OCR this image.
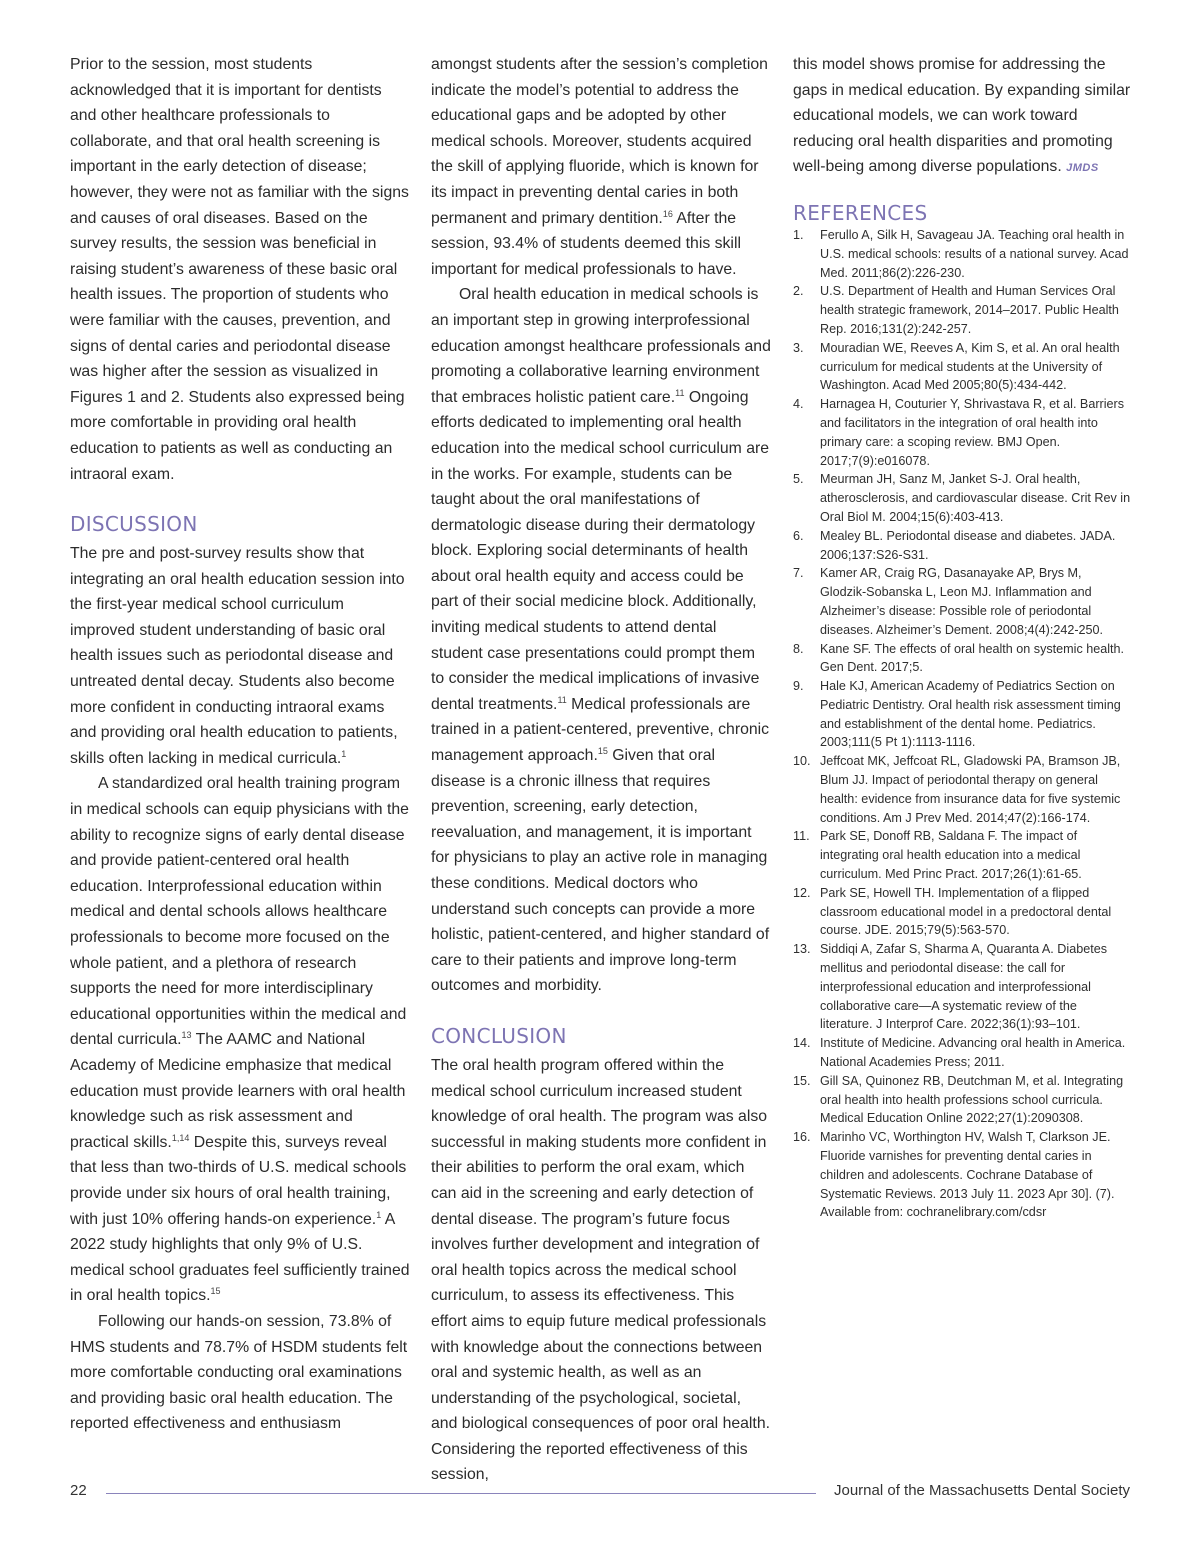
Prior to the session, most students acknowledged that it is important for dentists and other healthcare professionals to collaborate, and that oral health screening is important in the early detection of disease; however, they were not as familiar with the signs and causes of oral diseases. Based on the survey results, the session was beneficial in raising student’s awareness of these basic oral health issues. The proportion of students who were familiar with the causes, prevention, and signs of dental caries and periodontal disease was higher after the session as visualized in Figures 1 and 2. Students also expressed being more comfortable in providing oral health education to patients as well as conducting an intraoral exam.

DISCUSSION

The pre and post-survey results show that integrating an oral health education session into the first-year medical school curriculum improved student understanding of basic oral health issues such as periodontal disease and untreated dental decay. Students also become more confident in conducting intraoral exams and providing oral health education to patients, skills often lacking in medical curricula.$^1$

A standardized oral health training program in medical schools can equip physicians with the ability to recognize signs of early dental disease and provide patient-centered oral health education. Interprofessional education within medical and dental schools allows healthcare professionals to become more focused on the whole patient, and a plethora of research supports the need for more interdisciplinary educational opportunities within the medical and dental curricula.$^{13}$ The AAMC and National Academy of Medicine emphasize that medical education must provide learners with oral health knowledge such as risk assessment and practical skills.$^{1,14}$ Despite this, surveys reveal that less than two-thirds of U.S. medical schools provide under six hours of oral health training, with just 10% offering hands-on experience.$^1$ A 2022 study highlights that only 9% of U.S. medical school graduates feel sufficiently trained in oral health topics.$^{15}$

Following our hands-on session, 73.8% of HMS students and 78.7% of HSDM students felt more comfortable conducting oral examinations and providing basic oral health education. The reported effectiveness and enthusiasm

amongst students after the session’s completion indicate the model’s potential to address the educational gaps and be adopted by other medical schools. Moreover, students acquired the skill of applying fluoride, which is known for its impact in preventing dental caries in both permanent and primary dentition.$^{16}$ After the session, 93.4% of students deemed this skill important for medical professionals to have.

Oral health education in medical schools is an important step in growing interprofessional education amongst healthcare professionals and promoting a collaborative learning environment that embraces holistic patient care.$^{11}$ Ongoing efforts dedicated to implementing oral health education into the medical school curriculum are in the works. For example, students can be taught about the oral manifestations of dermatologic disease during their dermatology block. Exploring social determinants of health about oral health equity and access could be part of their social medicine block. Additionally, inviting medical students to attend dental student case presentations could prompt them to consider the medical implications of invasive dental treatments.$^{11}$ Medical professionals are trained in a patient-centered, preventive, chronic management approach.$^{15}$ Given that oral disease is a chronic illness that requires prevention, screening, early detection, reevaluation, and management, it is important for physicians to play an active role in managing these conditions. Medical doctors who understand such concepts can provide a more holistic, patient-centered, and higher standard of care to their patients and improve long-term outcomes and morbidity.

CONCLUSION

The oral health program offered within the medical school curriculum increased student knowledge of oral health. The program was also successful in making students more confident in their abilities to perform the oral exam, which can aid in the screening and early detection of dental disease. The program’s future focus involves further development and integration of oral health topics across the medical school curriculum, to assess its effectiveness. This effort aims to equip future medical professionals with knowledge about the connections between oral and systemic health, as well as an understanding of the psychological, societal, and biological consequences of poor oral health. Considering the reported effectiveness of this session,

this model shows promise for addressing the gaps in medical education. By expanding similar educational models, we can work toward reducing oral health disparities and promoting well-being among diverse populations. JMDS

REFERENCES
1. Ferullo A, Silk H, Savageau JA. Teaching oral health in U.S. medical schools: results of a national survey. Acad Med. 2011;86(2):226-230.
2. U.S. Department of Health and Human Services Oral health strategic framework, 2014–2017. Public Health Rep. 2016;131(2):242-257.
3. Mouradian WE, Reeves A, Kim S, et al. An oral health curriculum for medical students at the University of Washington. Acad Med 2005;80(5):434-442.
4. Harnagea H, Couturier Y, Shrivastava R, et al. Barriers and facilitators in the integration of oral health into primary care: a scoping review. BMJ Open. 2017;7(9):e016078.
5. Meurman JH, Sanz M, Janket S-J. Oral health, atherosclerosis, and cardiovascular disease. Crit Rev in Oral Biol M. 2004;15(6):403-413.
6. Mealey BL. Periodontal disease and diabetes. JADA. 2006;137:S26-S31.
7. Kamer AR, Craig RG, Dasanayake AP, Brys M, Glodzik-Sobanska L, Leon MJ. Inflammation and Alzheimer’s disease: Possible role of periodontal diseases. Alzheimer’s Dement. 2008;4(4):242-250.
8. Kane SF. The effects of oral health on systemic health. Gen Dent. 2017;5.
9. Hale KJ, American Academy of Pediatrics Section on Pediatric Dentistry. Oral health risk assessment timing and establishment of the dental home. Pediatrics. 2003;111(5 Pt 1):1113-1116.
10. Jeffcoat MK, Jeffcoat RL, Gladowski PA, Bramson JB, Blum JJ. Impact of periodontal therapy on general health: evidence from insurance data for five systemic conditions. Am J Prev Med. 2014;47(2):166-174.
11. Park SE, Donoff RB, Saldana F. The impact of integrating oral health education into a medical curriculum. Med Princ Pract. 2017;26(1):61-65.
12. Park SE, Howell TH. Implementation of a flipped classroom educational model in a predoctoral dental course. JDE. 2015;79(5):563-570.
13. Siddiqi A, Zafar S, Sharma A, Quaranta A. Diabetes mellitus and periodontal disease: the call for interprofessional education and interprofessional collaborative care—A systematic review of the literature. J Interprof Care. 2022;36(1):93–101.
14. Institute of Medicine. Advancing oral health in America. National Academies Press; 2011.
15. Gill SA, Quinonez RB, Deutchman M, et al. Integrating oral health into health professions school curricula. Medical Education Online 2022;27(1):2090308.
16. Marinho VC, Worthington HV, Walsh T, Clarkson JE. Fluoride varnishes for preventing dental caries in children and adolescents. Cochrane Database of Systematic Reviews. 2013 July 11. 2023 Apr 30]. (7). Available from: cochranelibrary.com/cdsr
22	Journal of the Massachusetts Dental Society
